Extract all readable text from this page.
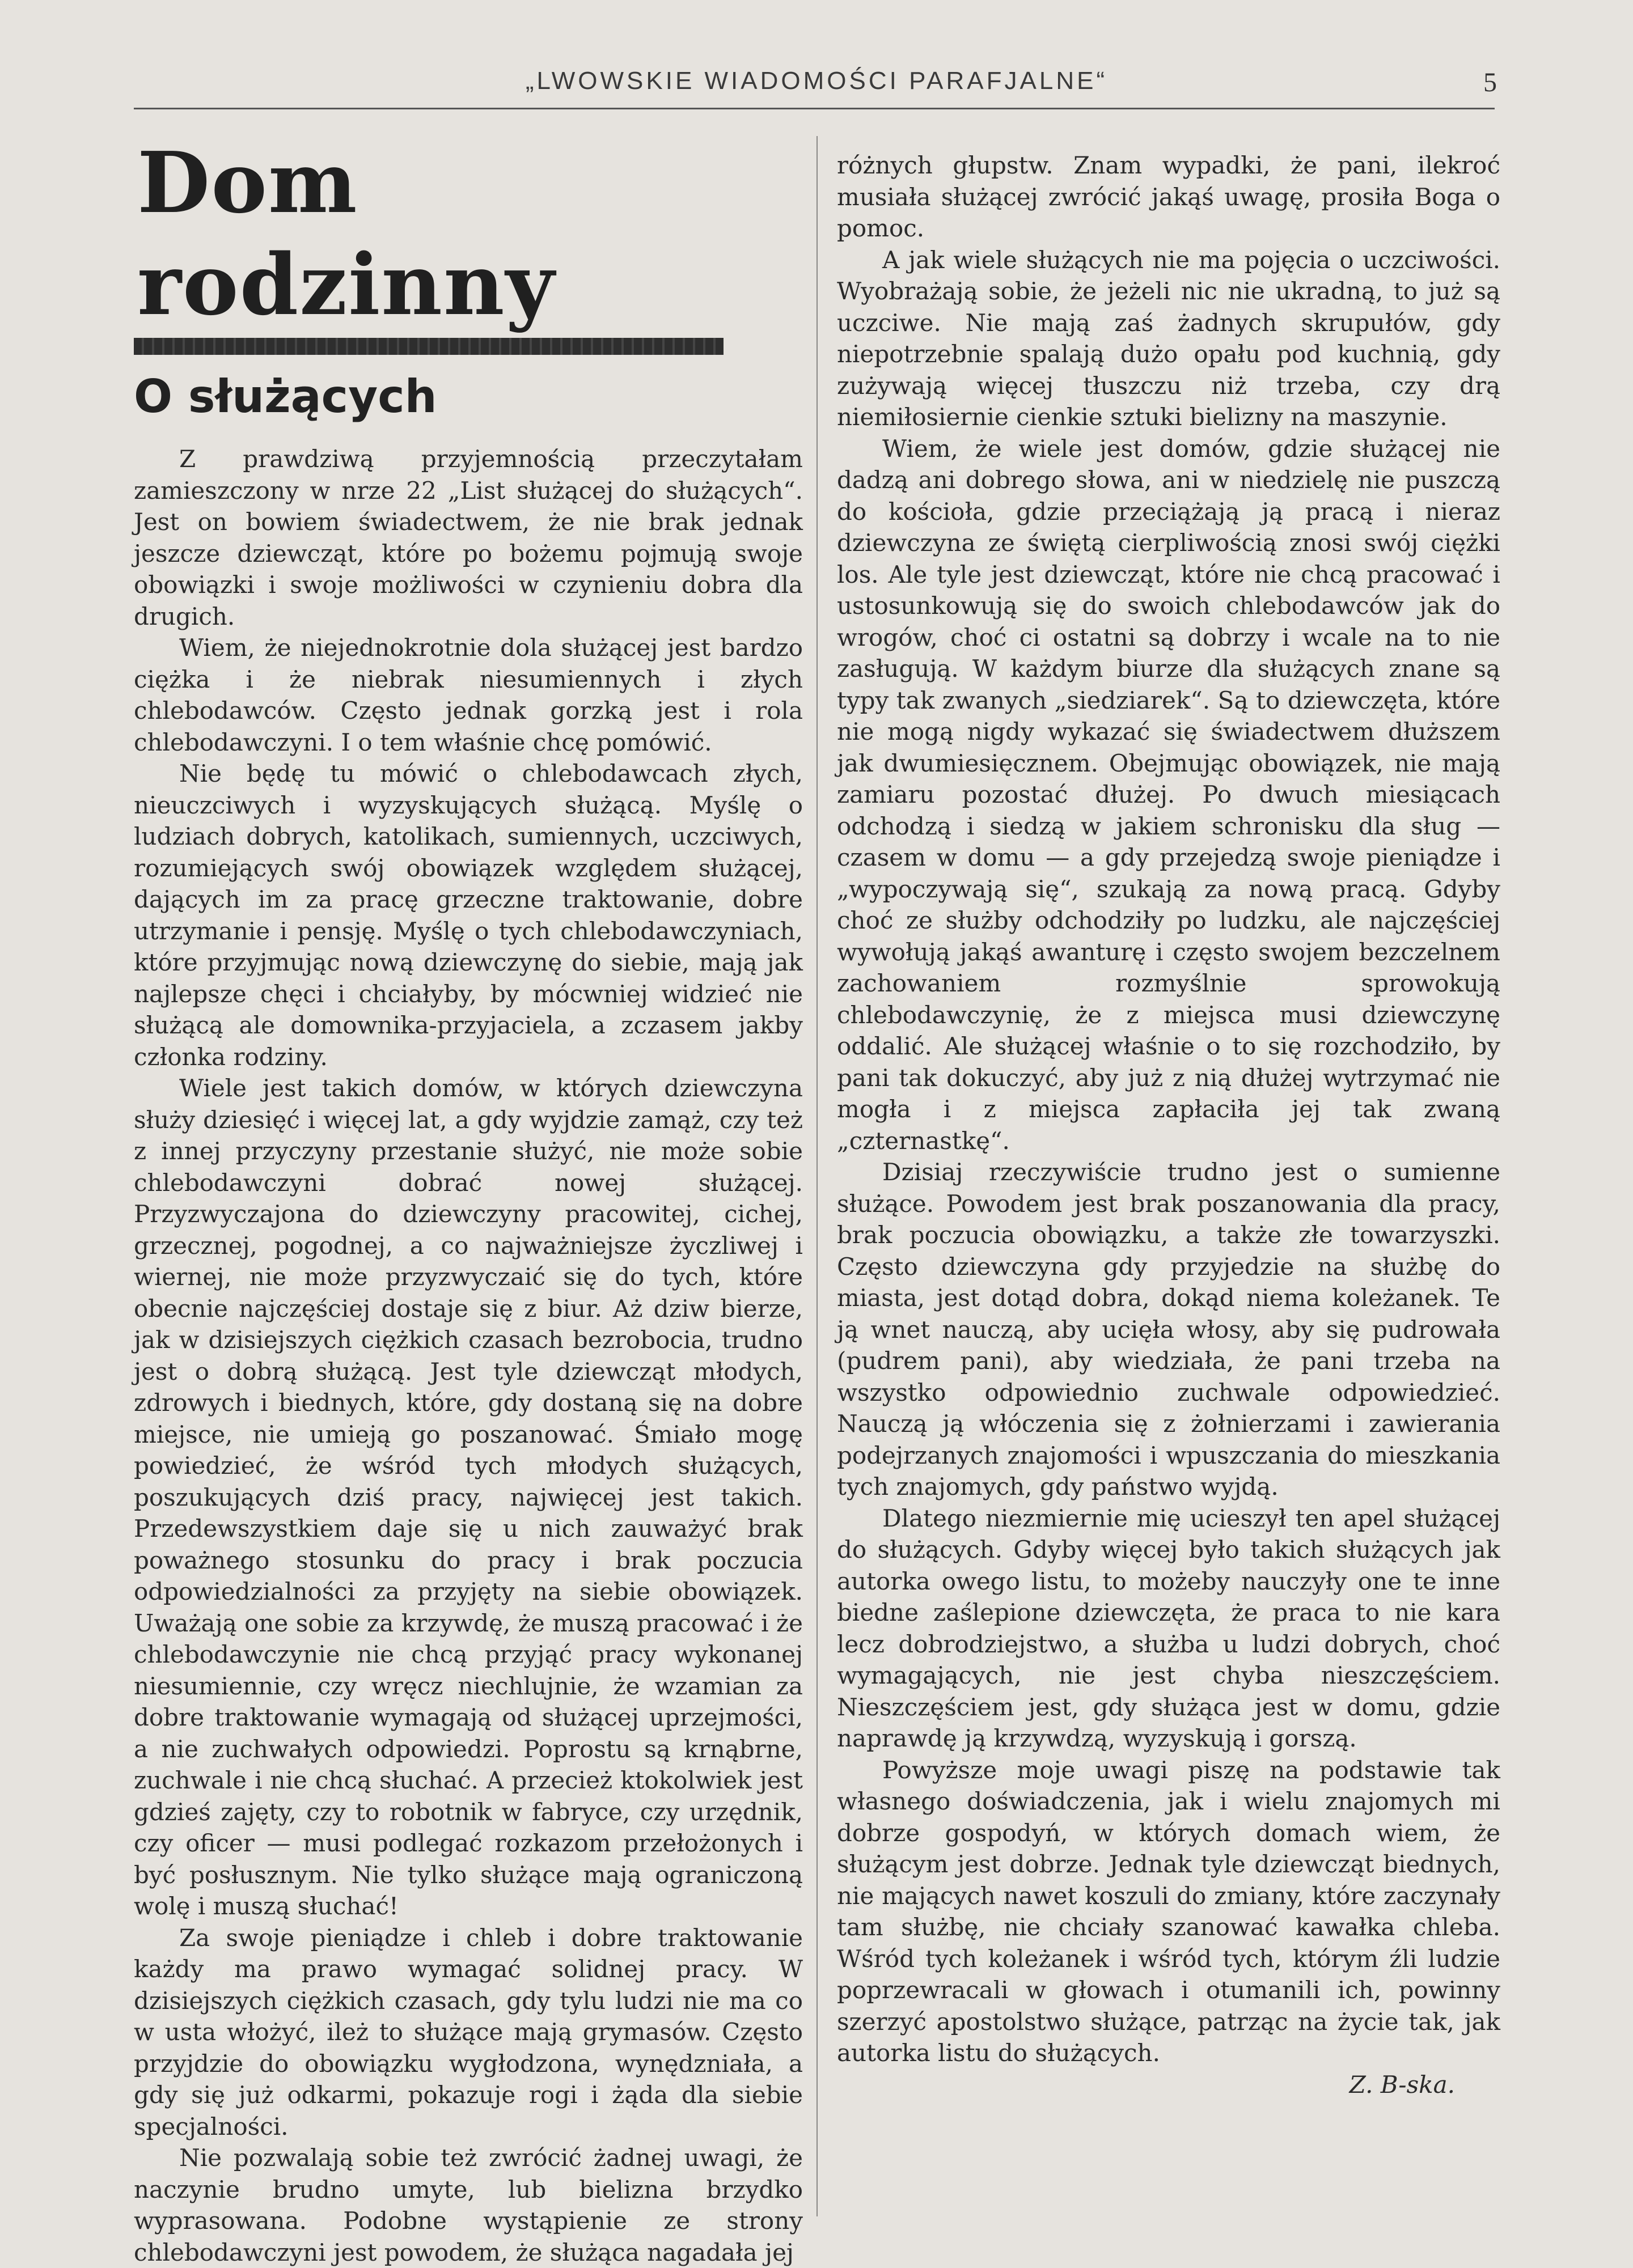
„LWOWSKIE WIADOMOŚCI PARAFJALNE“	5
Dom rodzinny
O służących

Z prawdziwą przyjemnością przeczytałam zamieszczony w nrze 22 „List służącej do służących“. Jest on bowiem świadectwem, że nie brak jednak jeszcze dziewcząt, które po bożemu pojmują swoje obowiązki i swoje możliwości w czynieniu dobra dla drugich.

Wiem, że niejednokrotnie dola służącej jest bardzo ciężka i że niebrak niesumiennych i złych chlebodawców. Często jednak gorzką jest i rola chlebodawczyni. I o tem właśnie chcę pomówić.

Nie będę tu mówić o chlebodawcach złych, nieuczciwych i wyzyskujących służącą. Myślę o ludziach dobrych, katolikach, sumiennych, uczciwych, rozumiejących swój obowiązek względem służącej, dających im za pracę grzeczne traktowanie, dobre utrzymanie i pensję. Myślę o tych chlebodawczyniach, które przyjmując nową dziewczynę do siebie, mają jak najlepsze chęci i chciałyby, by mócwniej widzieć nie służącą ale domownika-przyjaciela, a zczasem jakby członka rodziny.

Wiele jest takich domów, w których dziewczyna służy dziesięć i więcej lat, a gdy wyjdzie zamąż, czy też z innej przyczyny przestanie służyć, nie może sobie chlebodawczyni dobrać nowej służącej. Przyzwyczajona do dziewczyny pracowitej, cichej, grzecznej, pogodnej, a co najważniejsze życzliwej i wiernej, nie może przyzwyczaić się do tych, które obecnie najczęściej dostaje się z biur. Aż dziw bierze, jak w dzisiejszych ciężkich czasach bezrobocia, trudno jest o dobrą służącą. Jest tyle dziewcząt młodych, zdrowych i biednych, które, gdy dostaną się na dobre miejsce, nie umieją go poszanować. Śmiało mogę powiedzieć, że wśród tych młodych służących, poszukujących dziś pracy, najwięcej jest takich. Przedewszystkiem daje się u nich zauważyć brak poważnego stosunku do pracy i brak poczucia odpowiedzialności za przyjęty na siebie obowiązek. Uważają one sobie za krzywdę, że muszą pracować i że chlebodawczynie nie chcą przyjąć pracy wykonanej niesumiennie, czy wręcz niechlujnie, że wzamian za dobre traktowanie wymagają od służącej uprzejmości, a nie zuchwałych odpowiedzi. Poprostu są krnąbrne, zuchwale i nie chcą słuchać. A przecież ktokolwiek jest gdzieś zajęty, czy to robotnik w fabryce, czy urzędnik, czy oficer — musi podlegać rozkazom przełożonych i być posłusznym. Nie tylko służące mają ograniczoną wolę i muszą słuchać!

Za swoje pieniądze i chleb i dobre traktowanie każdy ma prawo wymagać solidnej pracy. W dzisiejszych ciężkich czasach, gdy tylu ludzi nie ma co w usta włożyć, ileż to służące mają grymasów. Często przyjdzie do obowiązku wygłodzona, wynędzniała, a gdy się już odkarmi, pokazuje rogi i żąda dla siebie specjalności.

Nie pozwalają sobie też zwrócić żadnej uwagi, że naczynie brudno umyte, lub bielizna brzydko wyprasowana. Podobne wystąpienie ze strony chlebodawczyni jest powodem, że służąca nagadała jej

różnych głupstw. Znam wypadki, że pani, ilekroć musiała służącej zwrócić jakąś uwagę, prosiła Boga o pomoc.

A jak wiele służących nie ma pojęcia o uczciwości. Wyobrażają sobie, że jeżeli nic nie ukradną, to już są uczciwe. Nie mają zaś żadnych skrupułów, gdy niepotrzebnie spalają dużo opału pod kuchnią, gdy zużywają więcej tłuszczu niż trzeba, czy drą niemiłosiernie cienkie sztuki bielizny na maszynie.

Wiem, że wiele jest domów, gdzie służącej nie dadzą ani dobrego słowa, ani w niedzielę nie puszczą do kościoła, gdzie przeciążają ją pracą i nieraz dziewczyna ze świętą cierpliwością znosi swój ciężki los. Ale tyle jest dziewcząt, które nie chcą pracować i ustosunkowują się do swoich chlebodawców jak do wrogów, choć ci ostatni są dobrzy i wcale na to nie zasługują. W każdym biurze dla służących znane są typy tak zwanych „siedziarek“. Są to dziewczęta, które nie mogą nigdy wykazać się świadectwem dłuższem jak dwumiesięcznem. Obejmując obowiązek, nie mają zamiaru pozostać dłużej. Po dwuch miesiącach odchodzą i siedzą w jakiem schronisku dla sług — czasem w domu — a gdy przejedzą swoje pieniądze i „wypoczywają się“, szukają za nową pracą. Gdyby choć ze służby odchodziły po ludzku, ale najczęściej wywołują jakąś awanturę i często swojem bezczelnem zachowaniem rozmyślnie sprowokują chlebodawczynię, że z miejsca musi dziewczynę oddalić. Ale służącej właśnie o to się rozchodziło, by pani tak dokuczyć, aby już z nią dłużej wytrzymać nie mogła i z miejsca zapłaciła jej tak zwaną „czternastkę“.

Dzisiaj rzeczywiście trudno jest o sumienne służące. Powodem jest brak poszanowania dla pracy, brak poczucia obowiązku, a także złe towarzyszki. Często dziewczyna gdy przyjedzie na służbę do miasta, jest dotąd dobra, dokąd niema koleżanek. Te ją wnet nauczą, aby ucięła włosy, aby się pudrowała (pudrem pani), aby wiedziała, że pani trzeba na wszystko odpowiednio zuchwale odpowiedzieć. Nauczą ją włóczenia się z żołnierzami i zawierania podejrzanych znajomości i wpuszczania do mieszkania tych znajomych, gdy państwo wyjdą.

Dlatego niezmiernie mię ucieszył ten apel służącej do służących. Gdyby więcej było takich służących jak autorka owego listu, to możeby nauczyły one te inne biedne zaślepione dziewczęta, że praca to nie kara lecz dobrodziejstwo, a służba u ludzi dobrych, choć wymagających, nie jest chyba nieszczęściem. Nieszczęściem jest, gdy służąca jest w domu, gdzie naprawdę ją krzywdzą, wyzyskują i gorszą.

Powyższe moje uwagi piszę na podstawie tak własnego doświadczenia, jak i wielu znajomych mi dobrze gospodyń, w których domach wiem, że służącym jest dobrze. Jednak tyle dziewcząt biednych, nie mających nawet koszuli do zmiany, które zaczynały tam służbę, nie chciały szanować kawałka chleba. Wśród tych koleżanek i wśród tych, którym źli ludzie poprzewracali w głowach i otumanili ich, powinny szerzyć apostolstwo służące, patrząc na życie tak, jak autorka listu do służących.

Z. B-ska.
